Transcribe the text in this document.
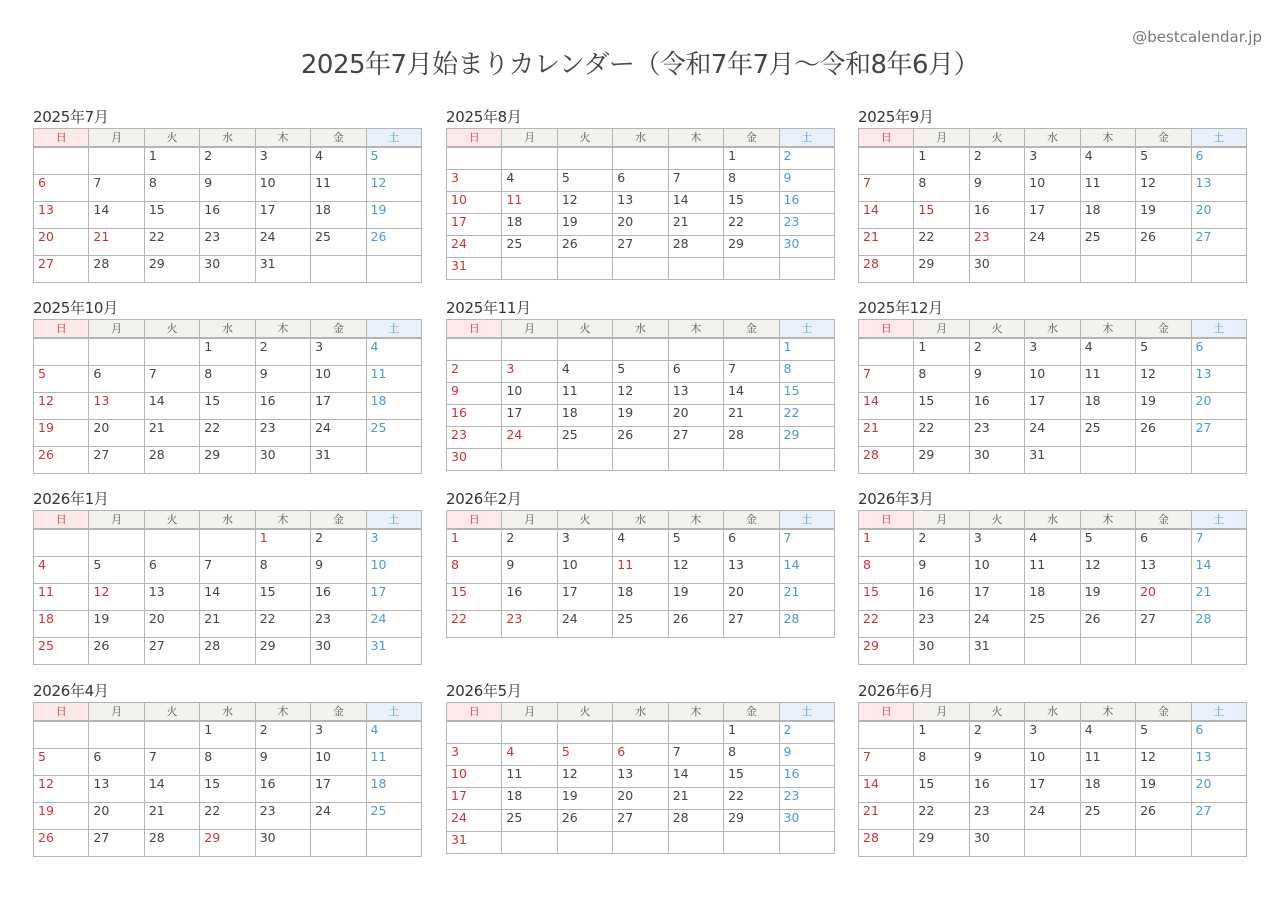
2025年7月始まりカレンダー（令和7年7月〜令和8年6月）
@bestcalendar.jp
2025年7月
日	月	火	水	木	金	土
		1	2	3	4	5
6	7	8	9	10	11	12
13	14	15	16	17	18	19
20	21	22	23	24	25	26
27	28	29	30	31		
2025年8月
日	月	火	水	木	金	土
					1	2
3	4	5	6	7	8	9
10	11	12	13	14	15	16
17	18	19	20	21	22	23
24	25	26	27	28	29	30
31						
2025年9月
日	月	火	水	木	金	土
	1	2	3	4	5	6
7	8	9	10	11	12	13
14	15	16	17	18	19	20
21	22	23	24	25	26	27
28	29	30				
2025年10月
日	月	火	水	木	金	土
			1	2	3	4
5	6	7	8	9	10	11
12	13	14	15	16	17	18
19	20	21	22	23	24	25
26	27	28	29	30	31	
2025年11月
日	月	火	水	木	金	土
						1
2	3	4	5	6	7	8
9	10	11	12	13	14	15
16	17	18	19	20	21	22
23	24	25	26	27	28	29
30						
2025年12月
日	月	火	水	木	金	土
	1	2	3	4	5	6
7	8	9	10	11	12	13
14	15	16	17	18	19	20
21	22	23	24	25	26	27
28	29	30	31			
2026年1月
日	月	火	水	木	金	土
				1	2	3
4	5	6	7	8	9	10
11	12	13	14	15	16	17
18	19	20	21	22	23	24
25	26	27	28	29	30	31
2026年2月
日	月	火	水	木	金	土
1	2	3	4	5	6	7
8	9	10	11	12	13	14
15	16	17	18	19	20	21
22	23	24	25	26	27	28
2026年3月
日	月	火	水	木	金	土
1	2	3	4	5	6	7
8	9	10	11	12	13	14
15	16	17	18	19	20	21
22	23	24	25	26	27	28
29	30	31				
2026年4月
日	月	火	水	木	金	土
			1	2	3	4
5	6	7	8	9	10	11
12	13	14	15	16	17	18
19	20	21	22	23	24	25
26	27	28	29	30		
2026年5月
日	月	火	水	木	金	土
					1	2
3	4	5	6	7	8	9
10	11	12	13	14	15	16
17	18	19	20	21	22	23
24	25	26	27	28	29	30
31						
2026年6月
日	月	火	水	木	金	土
	1	2	3	4	5	6
7	8	9	10	11	12	13
14	15	16	17	18	19	20
21	22	23	24	25	26	27
28	29	30				
